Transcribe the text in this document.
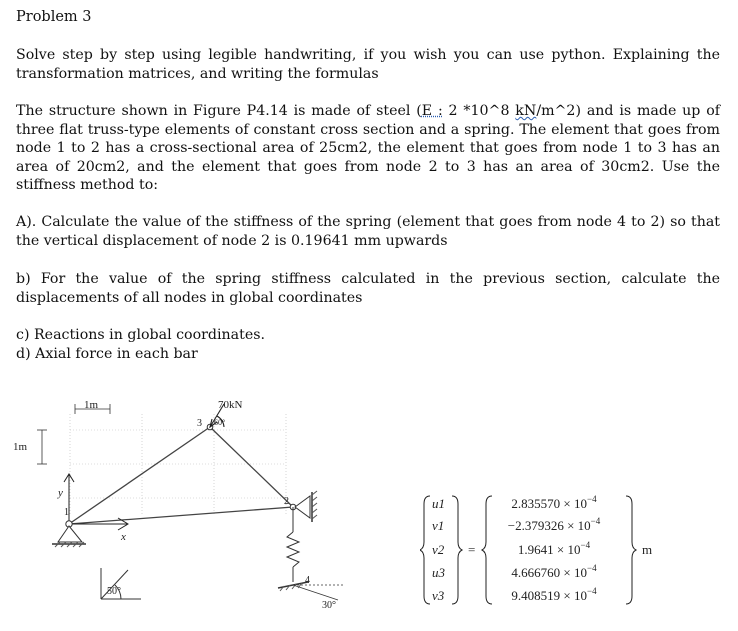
Problem 3
Solve step by step using legible handwriting, if you wish you can use python. Explaining the transformation matrices, and writing the formulas
The structure shown in Figure P4.14 is made of steel (E : 2 *10^8 kN/m^2) and is made up of three flat truss-type elements of constant cross section and a spring. The element that goes from node 1 to 2 has a cross-sectional area of 25cm2, the element that goes from node 1 to 3 has an area of 20cm2, and the element that goes from node 2 to 3 has an area of 30cm2. Use the stiffness method to:
A). Calculate the value of the stiffness of the spring (element that goes from node 4 to 2) so that the vertical displacement of node 2 is 0.19641 mm upwards
b) For the value of the spring stiffness calculated in the previous section, calculate the displacements of all nodes in global coordinates
c) Reactions in global coordinates.
d) Axial force in each bar
1m
1m
y
x
1
2
3
4
50°
30°
70kN
60°
u1
v1
v2
u3
v3
=
$2.835570 \times 10^{-4}$
$-2.379326 \times 10^{-4}$
$1.9641 \times 10^{-4}$
$4.666760 \times 10^{-4}$
$9.408519 \times 10^{-4}$
m
